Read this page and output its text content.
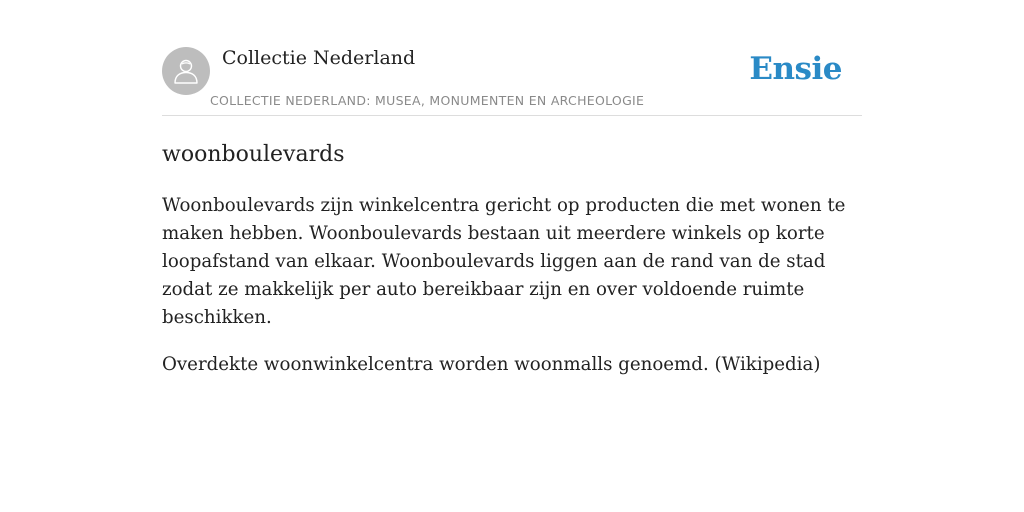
Collectie Nederland
COLLECTIE NEDERLAND: MUSEA, MONUMENTEN EN ARCHEOLOGIE
Ensie
woonboulevards

Woonboulevards zijn winkelcentra gericht op producten die met wonen te maken hebben. Woonboulevards bestaan uit meerdere winkels op korte loopafstand van elkaar. Woonboulevards liggen aan de rand van de stad zodat ze makkelijk per auto bereikbaar zijn en over voldoende ruimte beschikken.

Overdekte woonwinkelcentra worden woonmalls genoemd. (Wikipedia)
